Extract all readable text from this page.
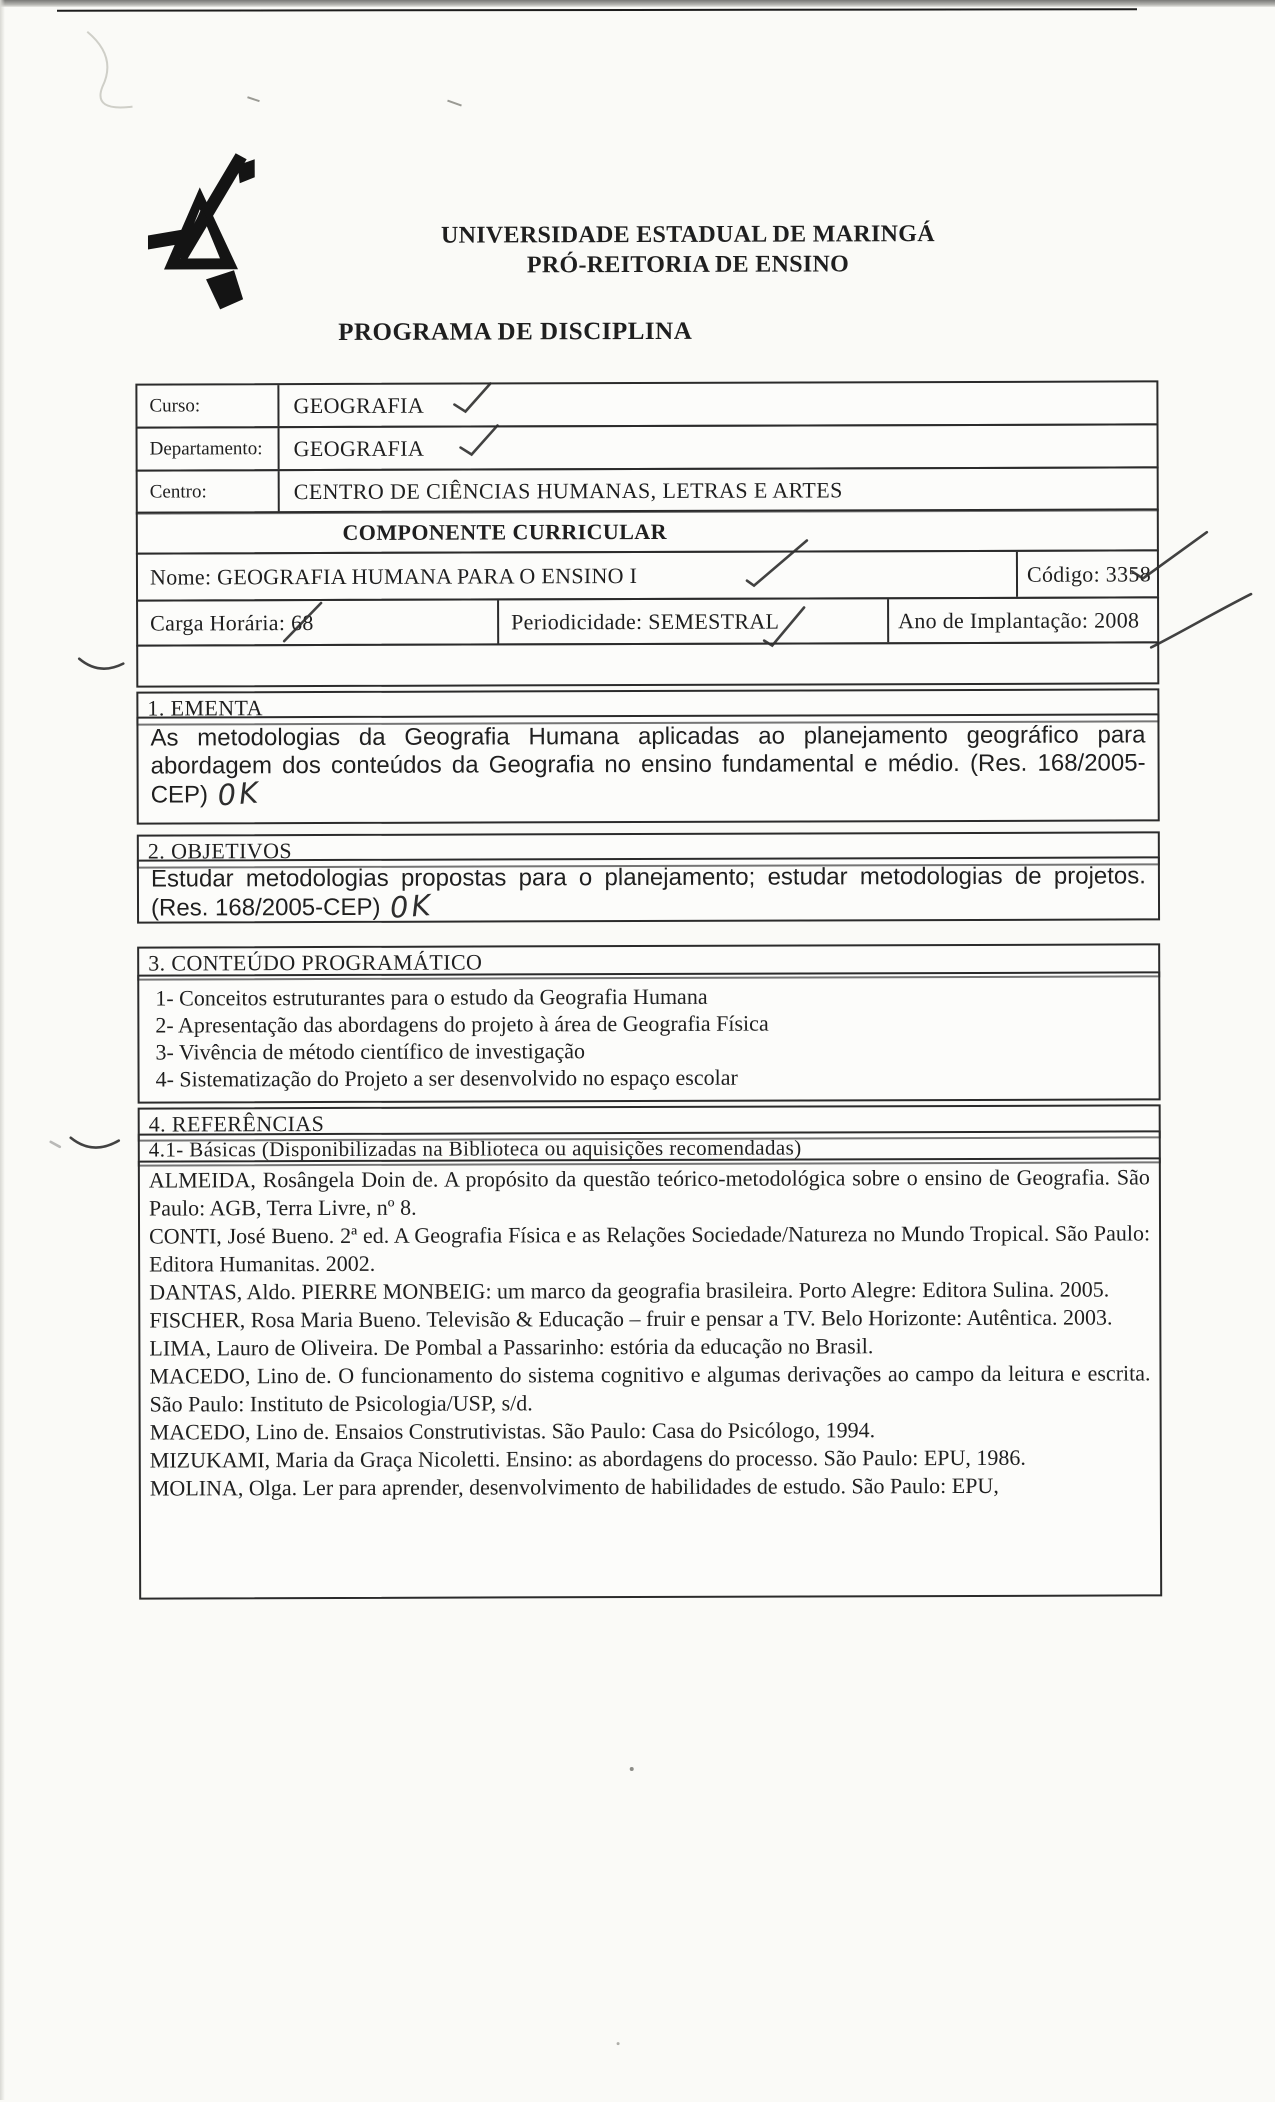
UNIVERSIDADE ESTADUAL DE MARINGÁ
PRÓ-REITORIA DE ENSINO
PROGRAMA DE DISCIPLINA
Curso:	GEOGRAFIA
Departamento:	GEOGRAFIA
Centro:	CENTRO DE CIÊNCIAS HUMANAS, LETRAS E ARTES
COMPONENTE CURRICULAR
Nome: GEOGRAFIA HUMANA PARA O ENSINO I	Código: 3358
Carga Horária: 68	Periodicidade: SEMESTRAL	Ano de Implantação: 2008
1. EMENTA

As metodologias da Geografia Humana aplicadas ao planejamento geográfico para abordagem dos conteúdos da Geografia no ensino fundamental e médio. (Res. 168/2005-CEP) 0K

2. OBJETIVOS

Estudar metodologias propostas para o planejamento; estudar metodologias de projetos. (Res. 168/2005-CEP) 0K

3. CONTEÚDO PROGRAMÁTICO
1- Conceitos estruturantes para o estudo da Geografia Humana
2- Apresentação das abordagens do projeto à área de Geografia Física
3- Vivência de método científico de investigação
4- Sistematização do Projeto a ser desenvolvido no espaço escolar
4. REFERÊNCIAS
4.1- Básicas (Disponibilizadas na Biblioteca ou aquisições recomendadas)

ALMEIDA, Rosângela Doin de. A propósito da questão teórico-metodológica sobre o ensino de Geografia. São Paulo: AGB, Terra Livre, nº 8.

CONTI, José Bueno. 2ª ed. A Geografia Física e as Relações Sociedade/Natureza no Mundo Tropical. São Paulo: Editora Humanitas. 2002.

DANTAS, Aldo. PIERRE MONBEIG: um marco da geografia brasileira. Porto Alegre: Editora Sulina. 2005.

FISCHER, Rosa Maria Bueno. Televisão & Educação – fruir e pensar a TV. Belo Horizonte: Autêntica. 2003.

LIMA, Lauro de Oliveira. De Pombal a Passarinho: estória da educação no Brasil.

MACEDO, Lino de. O funcionamento do sistema cognitivo e algumas derivações ao campo da leitura e escrita. São Paulo: Instituto de Psicologia/USP, s/d.

MACEDO, Lino de. Ensaios Construtivistas. São Paulo: Casa do Psicólogo, 1994.

MIZUKAMI, Maria da Graça Nicoletti. Ensino: as abordagens do processo. São Paulo: EPU, 1986.

MOLINA, Olga. Ler para aprender, desenvolvimento de habilidades de estudo. São Paulo: EPU,
